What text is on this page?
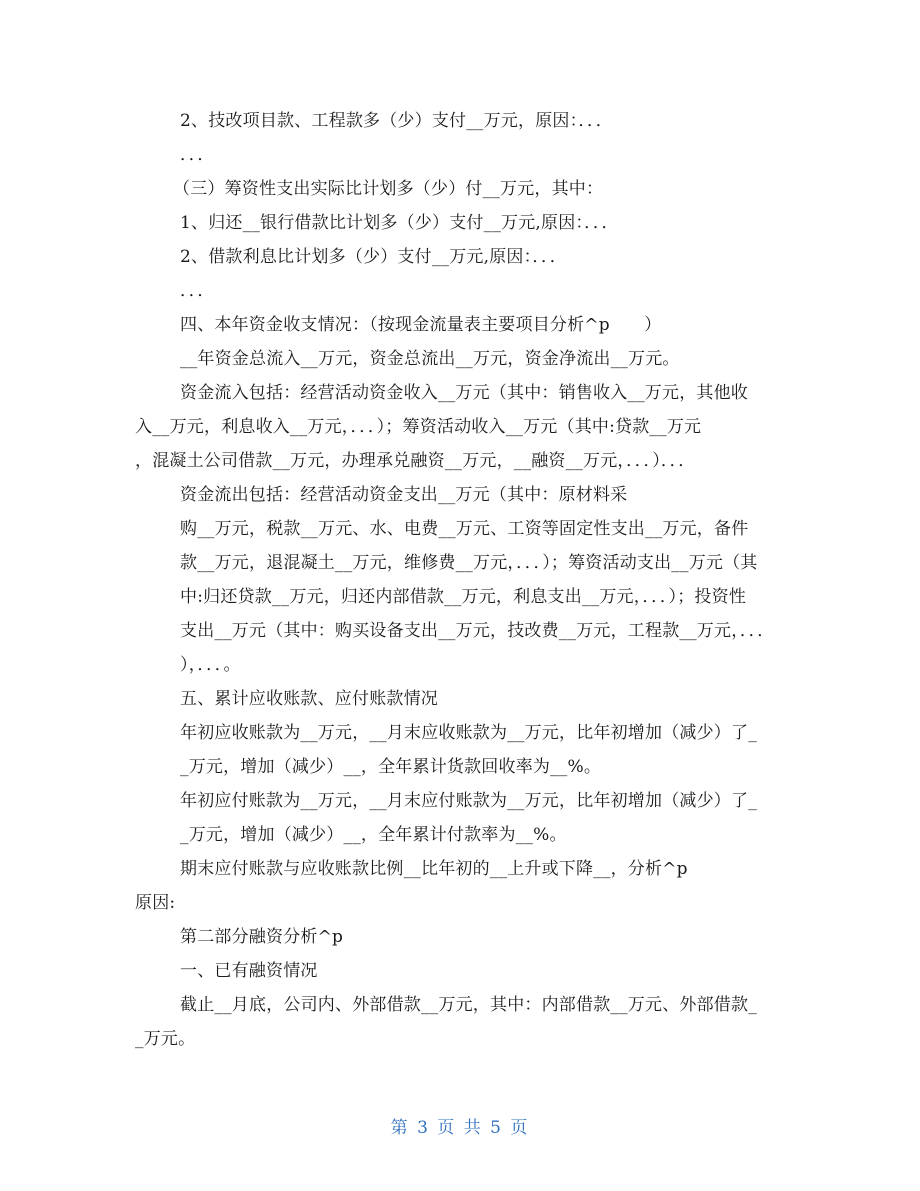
2、技改项目款、工程款多（少）支付__万元，原因：．．．
．．．
（三）筹资性支出实际比计划多（少）付__万元，其中：
1、归还__银行借款比计划多（少）支付__万元,原因：．．．
2、借款利息比计划多（少）支付__万元,原因：．．．
．．．
四、本年资金收支情况：（按现金流量表主要项目分析^p　　）
__年资金总流入__万元，资金总流出__万元，资金净流出__万元。
资金流入包括：经营活动资金收入__万元（其中：销售收入__万元，其他收
入__万元，利息收入__万元，．．．）；筹资活动收入__万元（其中:贷款__万元
，混凝土公司借款__万元，办理承兑融资__万元，__融资__万元，．．．）．．．
资金流出包括：经营活动资金支出__万元（其中：原材料采
购__万元，税款__万元、水、电费__万元、工资等固定性支出__万元，备件
款__万元，退混凝土__万元，维修费__万元，．．．）；筹资活动支出__万元（其
中:归还贷款__万元，归还内部借款__万元，利息支出__万元，．．．）；投资性
支出__万元（其中：购买设备支出__万元，技改费__万元，工程款__万元，．．．
），．．．。
五、累计应收账款、应付账款情况
年初应收账款为__万元，__月末应收账款为__万元，比年初增加（减少）了_
_万元，增加（减少）__，全年累计货款回收率为__%。
年初应付账款为__万元，__月末应付账款为__万元，比年初增加（减少）了_
_万元，增加（减少）__，全年累计付款率为__%。
期末应付账款与应收账款比例__比年初的__上升或下降__，分析^p
原因:
第二部分融资分析^p
一、已有融资情况
截止__月底，公司内、外部借款__万元，其中：内部借款__万元、外部借款_
_万元。
第 3 页 共 5 页
